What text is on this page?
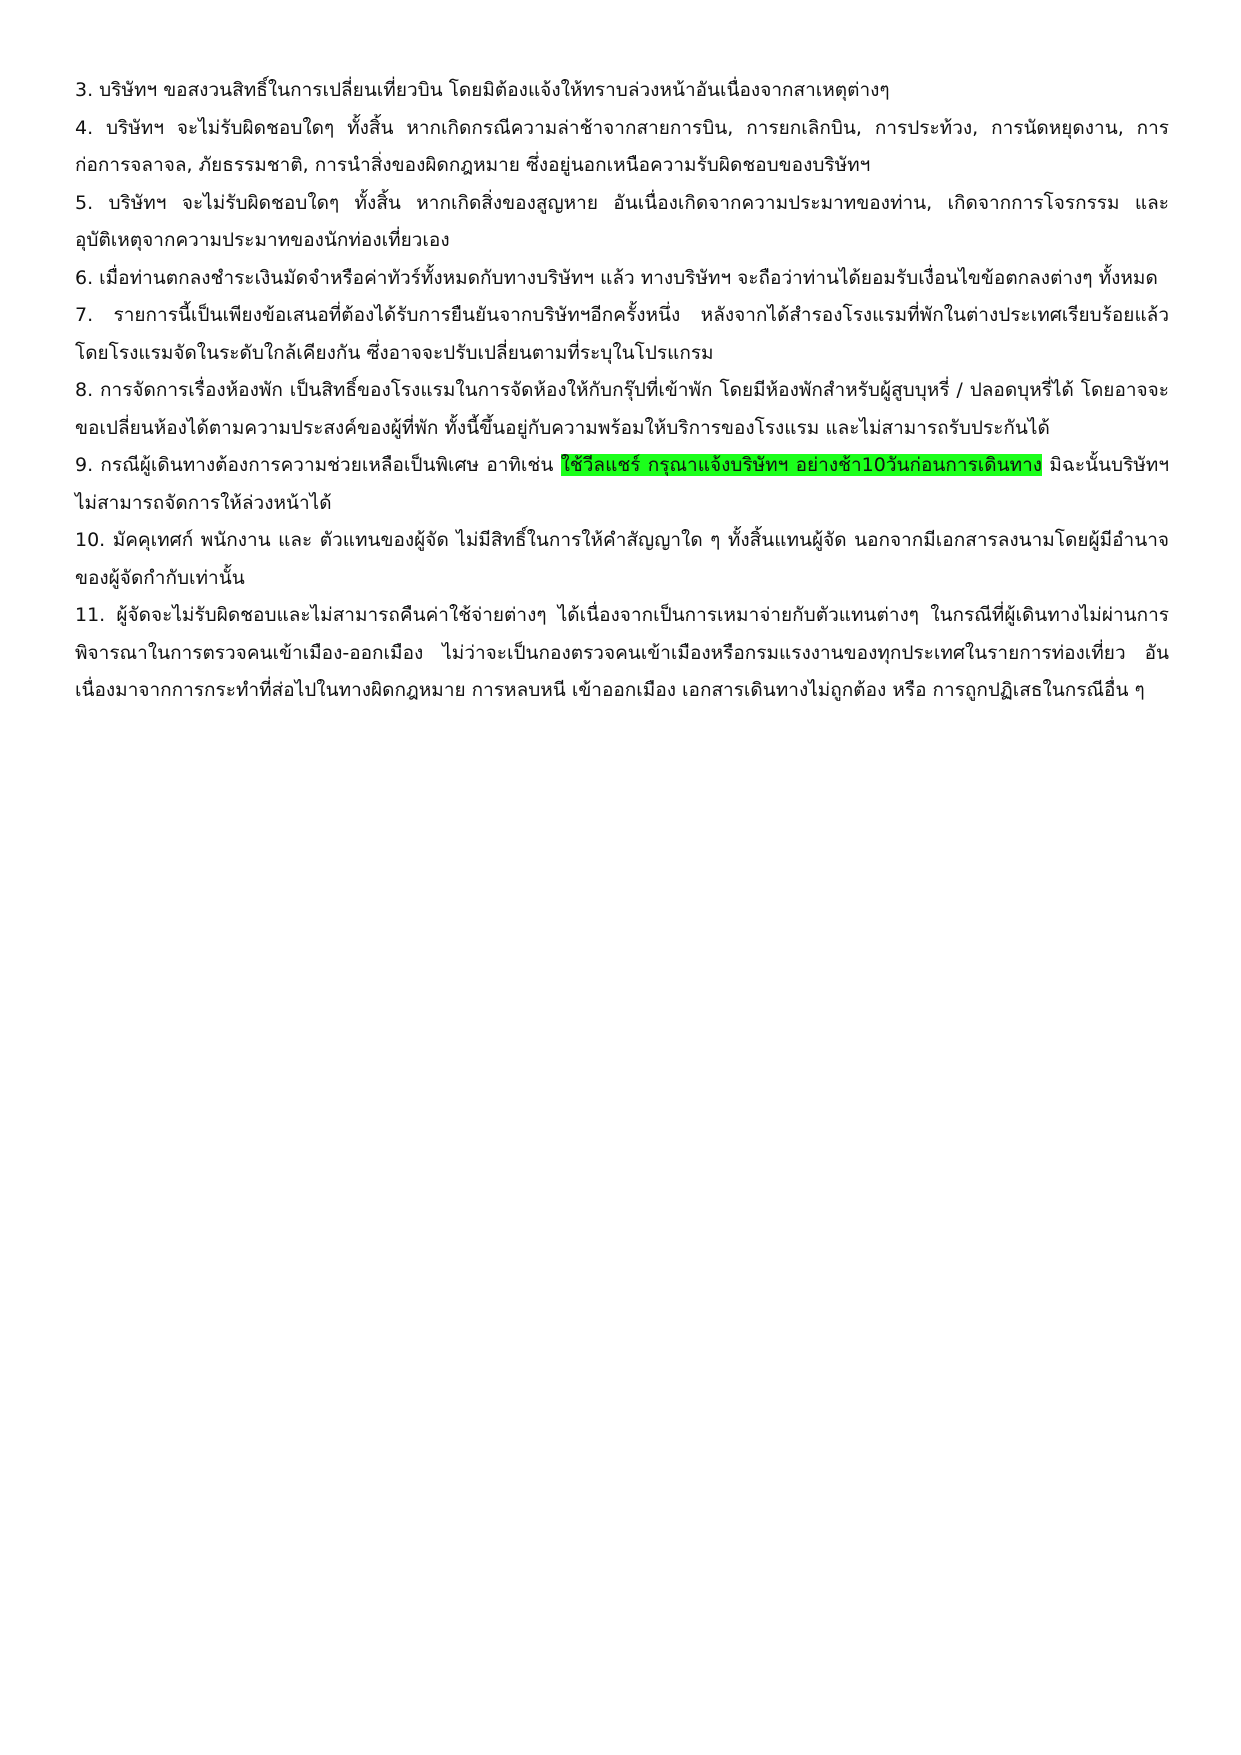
3. บริษัทฯ ขอสงวนสิทธิ์ในการเปลี่ยนเที่ยวบิน โดยมิต้องแจ้งให้ทราบล่วงหน้าอันเนื่องจากสาเหตุต่างๆ

4. บริษัทฯ จะไม่รับผิดชอบใดๆ ทั้งสิ้น หากเกิดกรณีความล่าช้าจากสายการบิน, การยกเลิกบิน, การประท้วง, การนัดหยุดงาน, การก่อการจลาจล, ภัยธรรมชาติ, การนำสิ่งของผิดกฎหมาย ซึ่งอยู่นอกเหนือความรับผิดชอบของบริษัทฯ

5. บริษัทฯ จะไม่รับผิดชอบใดๆ ทั้งสิ้น หากเกิดสิ่งของสูญหาย อันเนื่องเกิดจากความประมาทของท่าน, เกิดจากการโจรกรรม และอุบัติเหตุจากความประมาทของนักท่องเที่ยวเอง

6. เมื่อท่านตกลงชำระเงินมัดจำหรือค่าทัวร์ทั้งหมดกับทางบริษัทฯ แล้ว ทางบริษัทฯ จะถือว่าท่านได้ยอมรับเงื่อนไขข้อตกลงต่างๆ ทั้งหมด

7. รายการนี้เป็นเพียงข้อเสนอที่ต้องได้รับการยืนยันจากบริษัทฯอีกครั้งหนึ่ง หลังจากได้สำรองโรงแรมที่พักในต่างประเทศเรียบร้อยแล้ว โดยโรงแรมจัดในระดับใกล้เคียงกัน ซึ่งอาจจะปรับเปลี่ยนตามที่ระบุในโปรแกรม

8. การจัดการเรื่องห้องพัก เป็นสิทธิ์ของโรงแรมในการจัดห้องให้กับกรุ๊ปที่เข้าพัก โดยมีห้องพักสำหรับผู้สูบบุหรี่ / ปลอดบุหรี่ได้ โดยอาจจะขอเปลี่ยนห้องได้ตามความประสงค์ของผู้ที่พัก ทั้งนี้ขึ้นอยู่กับความพร้อมให้บริการของโรงแรม และไม่สามารถรับประกันได้

9. กรณีผู้เดินทางต้องการความช่วยเหลือเป็นพิเศษ อาทิเช่น ใช้วีลแชร์ กรุณาแจ้งบริษัทฯ อย่างช้า10วันก่อนการเดินทาง มิฉะนั้นบริษัทฯไม่สามารถจัดการให้ล่วงหน้าได้

10. มัคคุเทศก์ พนักงาน และ ตัวแทนของผู้จัด ไม่มีสิทธิ์ในการให้คำสัญญาใด ๆ ทั้งสิ้นแทนผู้จัด นอกจากมีเอกสารลงนามโดยผู้มีอำนาจของผู้จัดกำกับเท่านั้น

11. ผู้จัดจะไม่รับผิดชอบและไม่สามารถคืนค่าใช้จ่ายต่างๆ ได้เนื่องจากเป็นการเหมาจ่ายกับตัวแทนต่างๆ ในกรณีที่ผู้เดินทางไม่ผ่านการพิจารณาในการตรวจคนเข้าเมือง-ออกเมือง ไม่ว่าจะเป็นกองตรวจคนเข้าเมืองหรือกรมแรงงานของทุกประเทศในรายการท่องเที่ยว อันเนื่องมาจากการกระทำที่ส่อไปในทางผิดกฎหมาย การหลบหนี เข้าออกเมือง เอกสารเดินทางไม่ถูกต้อง หรือ การถูกปฏิเสธในกรณีอื่น ๆ
